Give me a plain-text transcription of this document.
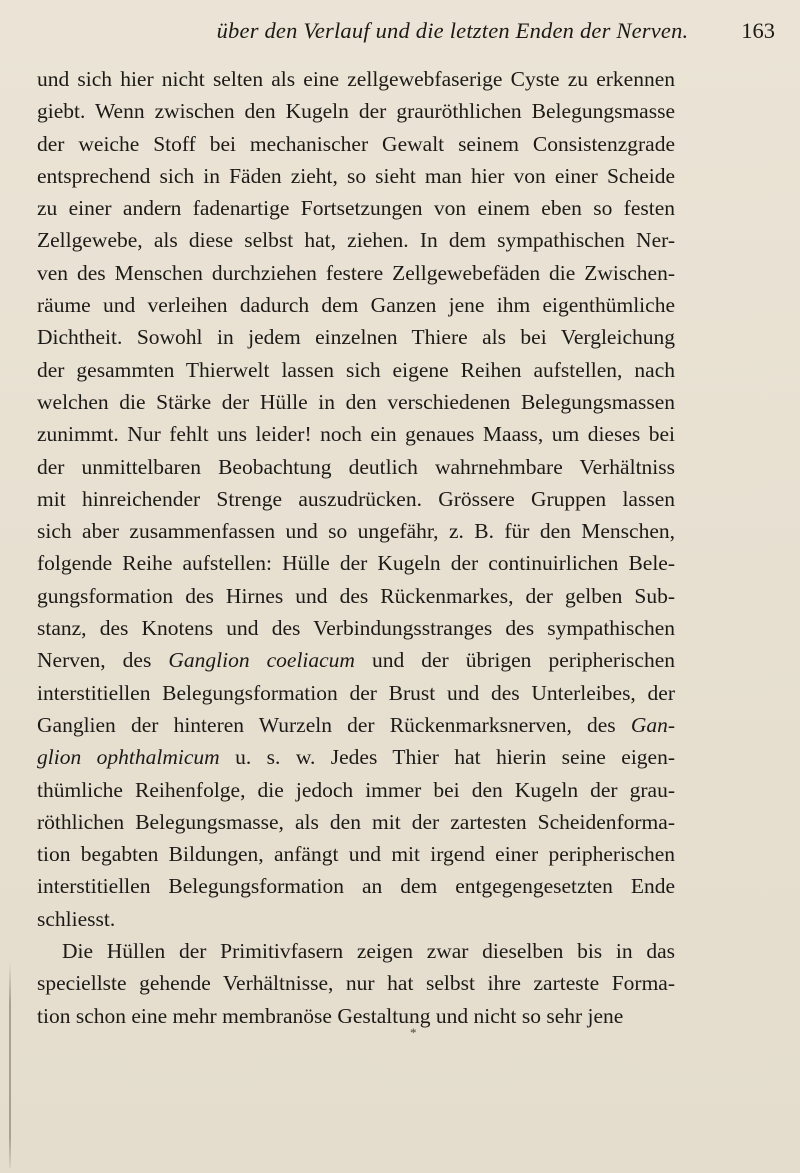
über den Verlauf und die letzten Enden der Nerven.	163
und sich hier nicht selten als eine zellgewebfaserige Cyste zu erkennen
giebt. Wenn zwischen den Kugeln der grauröthlichen Belegungsmasse
der weiche Stoff bei mechanischer Gewalt seinem Consistenzgrade
entsprechend sich in Fäden zieht, so sieht man hier von einer Scheide
zu einer andern fadenartige Fortsetzungen von einem eben so festen
Zellgewebe, als diese selbst hat, ziehen. In dem sympathischen Ner-
ven des Menschen durchziehen festere Zellgewebefäden die Zwischen-
räume und verleihen dadurch dem Ganzen jene ihm eigenthümliche
Dichtheit. Sowohl in jedem einzelnen Thiere als bei Vergleichung
der gesammten Thierwelt lassen sich eigene Reihen aufstellen, nach
welchen die Stärke der Hülle in den verschiedenen Belegungsmassen
zunimmt. Nur fehlt uns leider! noch ein genaues Maass, um dieses bei
der unmittelbaren Beobachtung deutlich wahrnehmbare Verhältniss
mit hinreichender Strenge auszudrücken. Grössere Gruppen lassen
sich aber zusammenfassen und so ungefähr, z. B. für den Menschen,
folgende Reihe aufstellen: Hülle der Kugeln der continuirlichen Bele-
gungsformation des Hirnes und des Rückenmarkes, der gelben Sub-
stanz, des Knotens und des Verbindungsstranges des sympathischen
Nerven, des Ganglion coeliacum und der übrigen peripherischen
interstitiellen Belegungsformation der Brust und des Unterleibes, der
Ganglien der hinteren Wurzeln der Rückenmarksnerven, des Gan-
glion ophthalmicum u. s. w. Jedes Thier hat hierin seine eigen-
thümliche Reihenfolge, die jedoch immer bei den Kugeln der grau-
röthlichen Belegungsmasse, als den mit der zartesten Scheidenforma-
tion begabten Bildungen, anfängt und mit irgend einer peripherischen
interstitiellen Belegungsformation an dem entgegengesetzten Ende
schliesst.
Die Hüllen der Primitivfasern zeigen zwar dieselben bis in das
speciellste gehende Verhältnisse, nur hat selbst ihre zarteste Forma-
tion schon eine mehr membranöse Gestaltung und nicht so sehr jene
*
